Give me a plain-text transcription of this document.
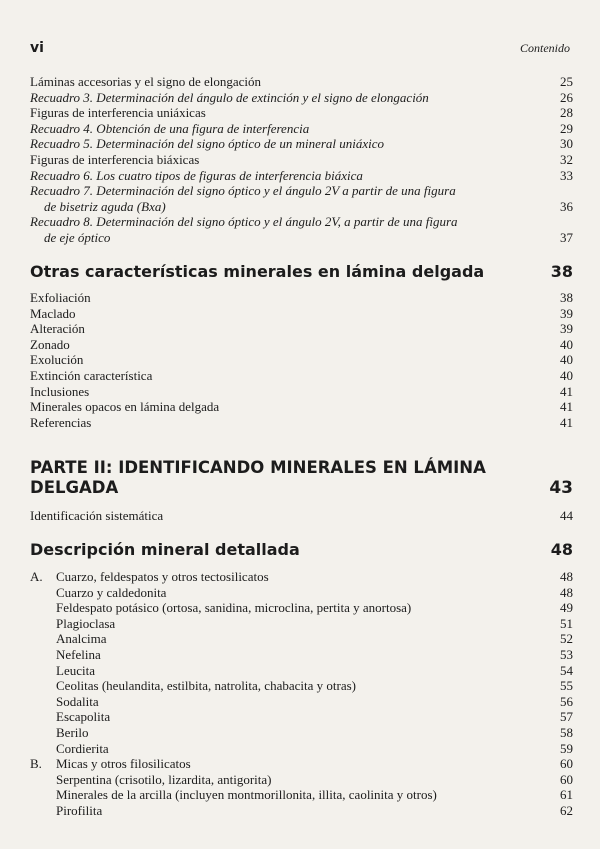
vi	Contenido
Láminas accesorias y el signo de elongación	25
Recuadro 3. Determinación del ángulo de extinción y el signo de elongación	26
Figuras de interferencia uniáxicas	28
Recuadro 4. Obtención de una figura de interferencia	29
Recuadro 5. Determinación del signo óptico de un mineral uniáxico	30
Figuras de interferencia biáxicas	32
Recuadro 6. Los cuatro tipos de figuras de interferencia biáxica	33
Recuadro 7. Determinación del signo óptico y el ángulo 2V a partir de una figura
de bisetriz aguda (Bxa)	36
Recuadro 8. Determinación del signo óptico y el ángulo 2V, a partir de una figura
de eje óptico	37
Otras características minerales en lámina delgada	38
Exfoliación	38
Maclado	39
Alteración	39
Zonado	40
Exolución	40
Extinción característica	40
Inclusiones	41
Minerales opacos en lámina delgada	41
Referencias	41
PARTE II: IDENTIFICANDO MINERALES EN LÁMINA
DELGADA	43
Identificación sistemática	44
Descripción mineral detallada	48
A. Cuarzo, feldespatos y otros tectosilicatos	48
Cuarzo y caldedonita	48
Feldespato potásico (ortosa, sanidina, microclina, pertita y anortosa)	49
Plagioclasa	51
Analcima	52
Nefelina	53
Leucita	54
Ceolitas (heulandita, estilbita, natrolita, chabacita y otras)	55
Sodalita	56
Escapolita	57
Berilo	58
Cordierita	59
B. Micas y otros filosilicatos	60
Serpentina (crisotilo, lizardita, antigorita)	60
Minerales de la arcilla (incluyen montmorillonita, illita, caolinita y otros)	61
Pirofilita	62
